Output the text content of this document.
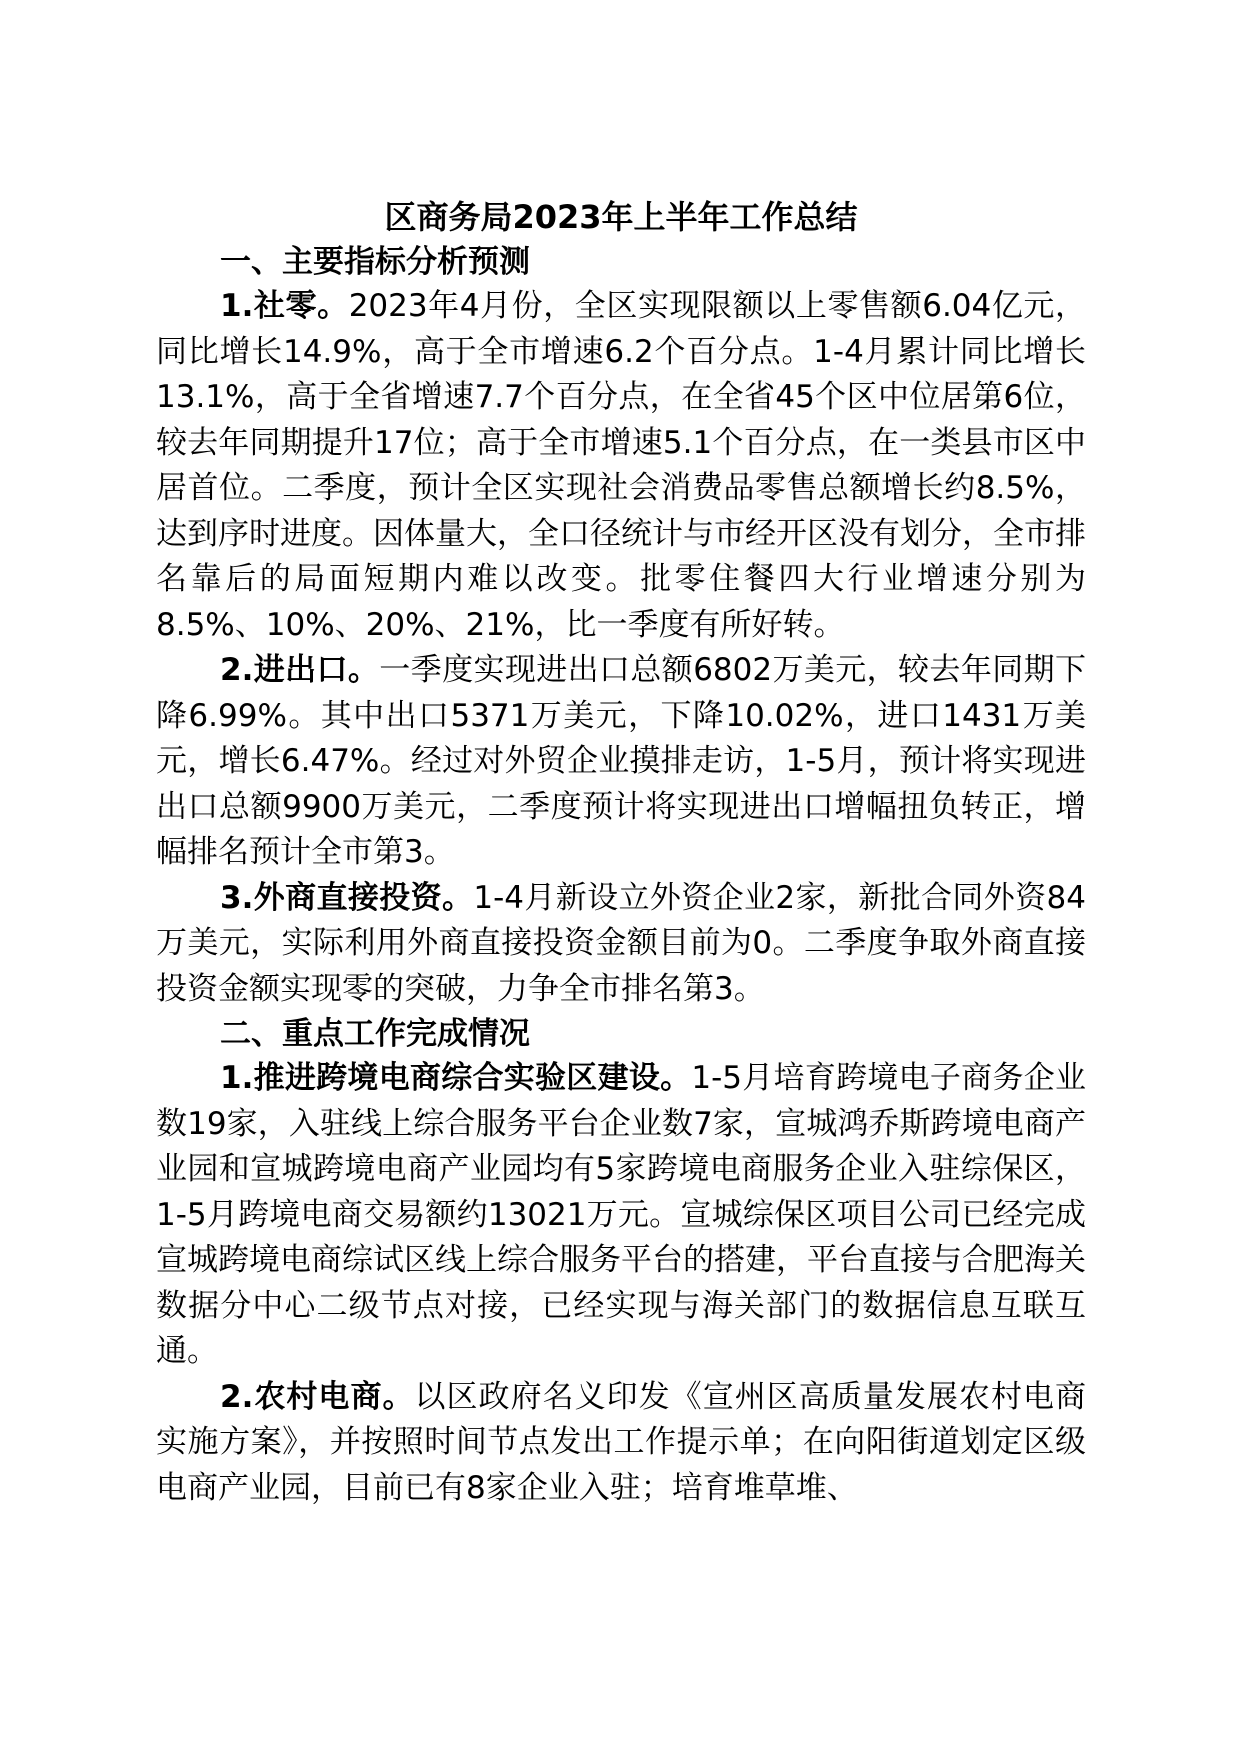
区商务局2023年上半年工作总结

一、主要指标分析预测

1.社零。2023年4月份，全区实现限额以上零售额6.04亿元，同比增长14.9%，高于全市增速6.2个百分点。1-4月累计同比增长13.1%，高于全省增速7.7个百分点，在全省45个区中位居第6位，较去年同期提升17位；高于全市增速5.1个百分点，在一类县市区中居首位。二季度，预计全区实现社会消费品零售总额增长约8.5%，达到序时进度。因体量大，全口径统计与市经开区没有划分，全市排名靠后的局面短期内难以改变。批零住餐四大行业增速分别为8.5%、10%、20%、21%，比一季度有所好转。

2.进出口。一季度实现进出口总额6802万美元，较去年同期下降6.99%。其中出口5371万美元，下降10.02%，进口1431万美元，增长6.47%。经过对外贸企业摸排走访，1-5月，预计将实现进出口总额9900万美元，二季度预计将实现进出口增幅扭负转正，增幅排名预计全市第3。

3.外商直接投资。1-4月新设立外资企业2家，新批合同外资84万美元，实际利用外商直接投资金额目前为0。二季度争取外商直接投资金额实现零的突破，力争全市排名第3。

二、重点工作完成情况

1.推进跨境电商综合实验区建设。1-5月培育跨境电子商务企业数19家，入驻线上综合服务平台企业数7家，宣城鸿乔斯跨境电商产业园和宣城跨境电商产业园均有5家跨境电商服务企业入驻综保区，1-5月跨境电商交易额约13021万元。宣城综保区项目公司已经完成宣城跨境电商综试区线上综合服务平台的搭建，平台直接与合肥海关数据分中心二级节点对接，已经实现与海关部门的数据信息互联互通。

2.农村电商。以区政府名义印发《宣州区高质量发展农村电商实施方案》，并按照时间节点发出工作提示单；在向阳街道划定区级电商产业园，目前已有8家企业入驻；培育堆草堆、
